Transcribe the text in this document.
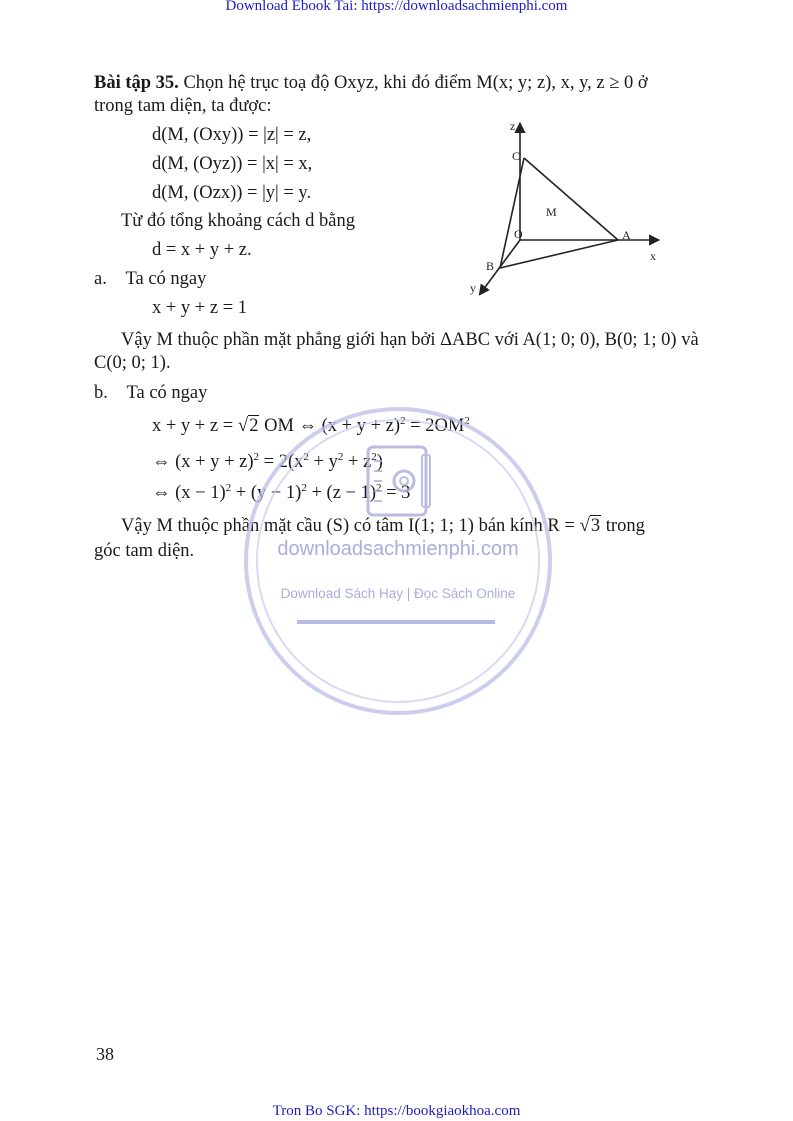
Download Ebook Tai: https://downloadsachmienphi.com
Bài tập 35. Chọn hệ trục toạ độ Oxyz, khi đó điểm M(x; y; z), x, y, z ≥ 0 ở
trong tam diện, ta được:
d(M, (Oxy)) = |z| = z,
d(M, (Oyz)) = |x| = x,
d(M, (Ozx)) = |y| = y.
Từ đó tổng khoảng cách d bằng
d = x + y + z.
a. Ta có ngay
x + y + z = 1
Vậy M thuộc phần mặt phẳng giới hạn bởi ΔABC với A(1; 0; 0), B(0; 1; 0) và
C(0; 0; 1).
b. Ta có ngay
x + y + z = √2 OM ⇔ $(x + y + z)^2 = 2OM^2$
⇔ $(x + y + z)^2 = 2(x^2 + y^2 + z^2)$
⇔ $(x - 1)^2 + (y - 1)^2 + (z - 1)^2 = 3$
Vậy M thuộc phần mặt cầu (S) có tâm I(1; 1; 1) bán kính R = √3 trong
góc tam diện.
z
C
M
O	A
x
B
y
downloadsachmienphi.com
Download Sách Hay | Đọc Sách Online
38
Tron Bo SGK: https://bookgiaokhoa.com
